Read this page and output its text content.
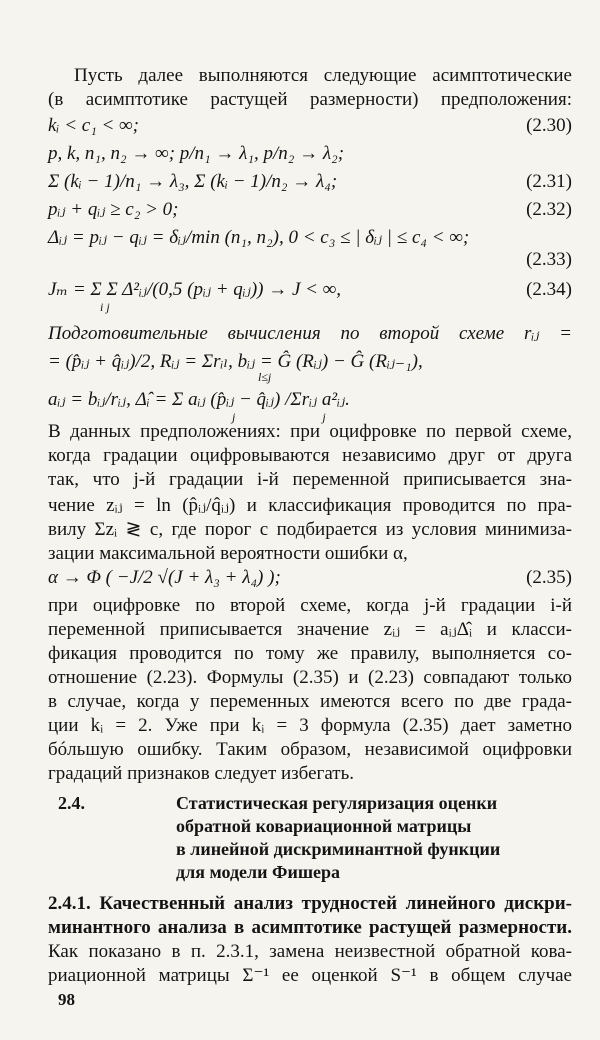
Пусть далее выполняются следующие асимптотические
(в асимптотике растущей размерности) предположения:
kᵢ < c₁ < ∞;	(2.30)
p, k, n₁, n₂ → ∞; p/n₁ → λ₁, p/n₂ → λ₂;
Σ (kᵢ − 1)/n₁ → λ₃, Σ (kᵢ − 1)/n₂ → λ₄;	(2.31)
pᵢⱼ + qᵢⱼ ≥ c₂ > 0;	(2.32)
Δᵢⱼ = pᵢⱼ − qᵢⱼ = δᵢⱼ/min (n₁, n₂), 0 < c₃ ≤ | δᵢⱼ | ≤ c₄ < ∞;
(2.33)
Jₘ = Σ Σ Δ²ᵢⱼ/(0,5 (pᵢⱼ + qᵢⱼ)) → J < ∞,	(2.34)
i j
Подготовительные вычисления по второй схеме rᵢⱼ =
= (p̂ᵢⱼ + q̂ᵢⱼ)/2, Rᵢⱼ = Σrᵢₗ, bᵢⱼ = Ĝ (Rᵢⱼ) − Ĝ (Rᵢⱼ₋₁),
l≤j
aᵢⱼ = bᵢⱼ/rᵢⱼ, Δ̂ᵢ = Σ aᵢⱼ (p̂ᵢⱼ − q̂ᵢⱼ) /Σrᵢⱼ a²ᵢⱼ.
j                             j
В данных предположениях: при оцифровке по первой схеме,
когда градации оцифровываются независимо друг от друга
так, что j-й градации i-й переменной приписывается зна-
чение zᵢⱼ = ln (p̂ᵢⱼ/q̂ᵢⱼ) и классификация проводится по пра-
вилу Σzᵢ ≷ c, где порог c подбирается из условия минимиза-
зации максимальной вероятности ошибки α,
α → Φ ( −J/2 √(J + λ₃ + λ₄) );	(2.35)
при оцифровке по второй схеме, когда j-й градации i-й
переменной приписывается значение zᵢⱼ = aᵢⱼΔ̂ᵢ и класси-
фикация проводится по тому же правилу, выполняется со-
отношение (2.23). Формулы (2.35) и (2.23) совпадают только
в случае, когда у переменных имеются всего по две града-
ции kᵢ = 2. Уже при kᵢ = 3 формула (2.35) дает заметно
бóльшую ошибку. Таким образом, независимой оцифровки
градаций признаков следует избегать.
2.4.	Статистическая регуляризация оценки
обратной ковариационной матрицы
в линейной дискриминантной функции
для модели Фишера
2.4.1. Качественный анализ трудностей линейного дискри-
минантного анализа в асимптотике растущей размерности.
Как показано в п. 2.3.1, замена неизвестной обратной кова-
риационной матрицы Σ⁻¹ ее оценкой S⁻¹ в общем случае
98
